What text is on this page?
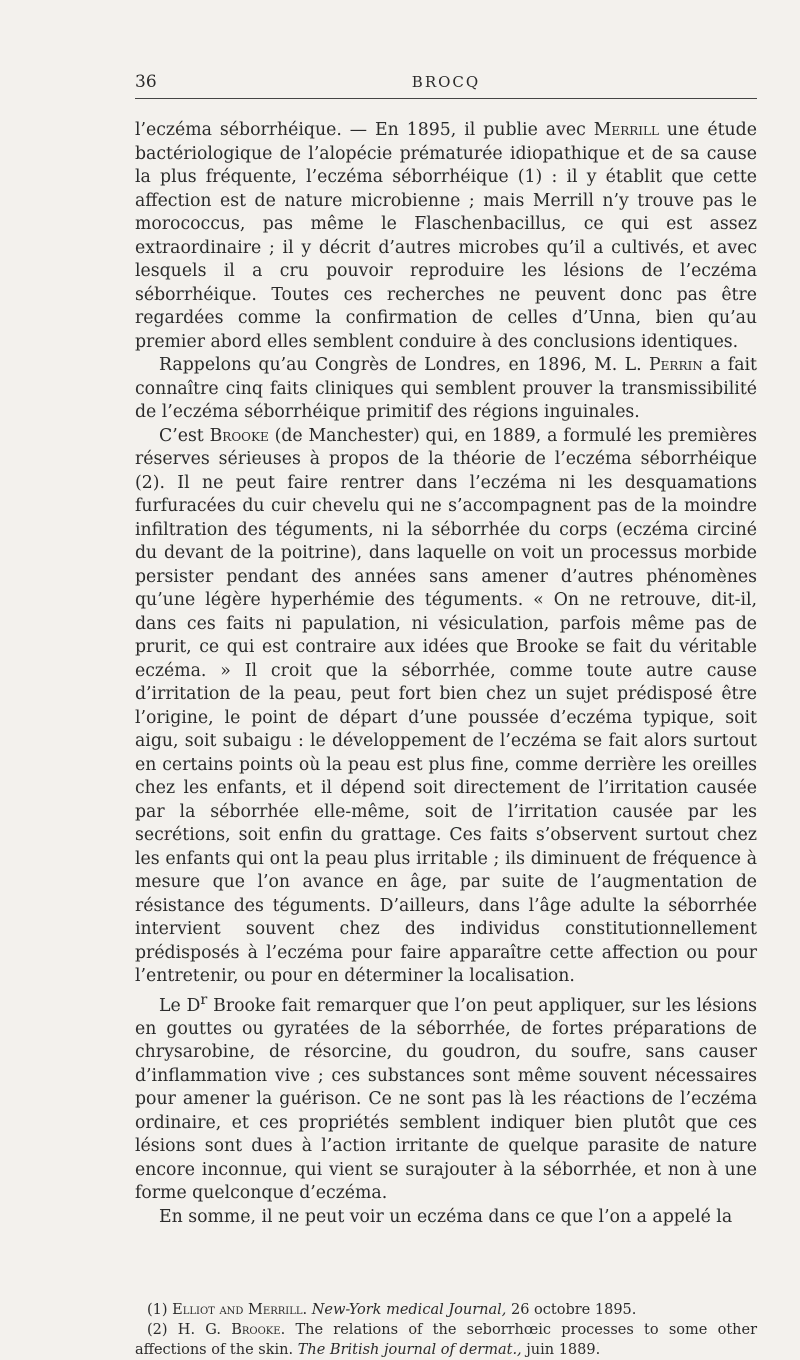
36	BROCQ

l’eczéma séborrhéique. — En 1895, il publie avec Merrill une étude bactériologique de l’alopécie prématurée idiopathique et de sa cause la plus fréquente, l’eczéma séborrhéique (1) : il y établit que cette affection est de nature microbienne ; mais Merrill n’y trouve pas le morococcus, pas même le Flaschenbacillus, ce qui est assez extraordinaire ; il y décrit d’autres microbes qu’il a cultivés, et avec lesquels il a cru pouvoir reproduire les lésions de l’eczéma séborrhéique. Toutes ces recherches ne peuvent donc pas être regardées comme la confirmation de celles d’Unna, bien qu’au premier abord elles semblent conduire à des conclusions identiques.

Rappelons qu’au Congrès de Londres, en 1896, M. L. Perrin a fait connaître cinq faits cliniques qui semblent prouver la transmissibilité de l’eczéma séborrhéique primitif des régions inguinales.

C’est Brooke (de Manchester) qui, en 1889, a formulé les premières réserves sérieuses à propos de la théorie de l’eczéma séborrhéique (2). Il ne peut faire rentrer dans l’eczéma ni les desquamations furfuracées du cuir chevelu qui ne s’accompagnent pas de la moindre infiltration des téguments, ni la séborrhée du corps (eczéma circiné du devant de la poitrine), dans laquelle on voit un processus morbide persister pendant des années sans amener d’autres phénomènes qu’une légère hyperhémie des téguments. « On ne retrouve, dit-il, dans ces faits ni papulation, ni vésiculation, parfois même pas de prurit, ce qui est contraire aux idées que Brooke se fait du véritable eczéma. » Il croit que la séborrhée, comme toute autre cause d’irritation de la peau, peut fort bien chez un sujet prédisposé être l’origine, le point de départ d’une poussée d’eczéma typique, soit aigu, soit subaigu : le développement de l’eczéma se fait alors surtout en certains points où la peau est plus fine, comme derrière les oreilles chez les enfants, et il dépend soit directement de l’irritation causée par la séborrhée elle-même, soit de l’irritation causée par les secrétions, soit enfin du grattage. Ces faits s’observent surtout chez les enfants qui ont la peau plus irritable ; ils diminuent de fréquence à mesure que l’on avance en âge, par suite de l’augmentation de résistance des téguments. D’ailleurs, dans l’âge adulte la séborrhée intervient souvent chez des individus constitutionnellement prédisposés à l’eczéma pour faire apparaître cette affection ou pour l’entretenir, ou pour en déterminer la localisation.

Le $D^r$ Brooke fait remarquer que l’on peut appliquer, sur les lésions en gouttes ou gyratées de la séborrhée, de fortes préparations de chrysarobine, de résorcine, du goudron, du soufre, sans causer d’inflammation vive ; ces substances sont même souvent nécessaires pour amener la guérison. Ce ne sont pas là les réactions de l’eczéma ordinaire, et ces propriétés semblent indiquer bien plutôt que ces lésions sont dues à l’action irritante de quelque parasite de nature encore inconnue, qui vient se surajouter à la séborrhée, et non à une forme quelconque d’eczéma.

En somme, il ne peut voir un eczéma dans ce que l’on a appelé la

(1) Elliot and Merrill. New-York medical Journal, 26 octobre 1895.

(2) H. G. Brooke. The relations of the seborrhœic processes to some other affections of the skin. The British journal of dermat., juin 1889.
